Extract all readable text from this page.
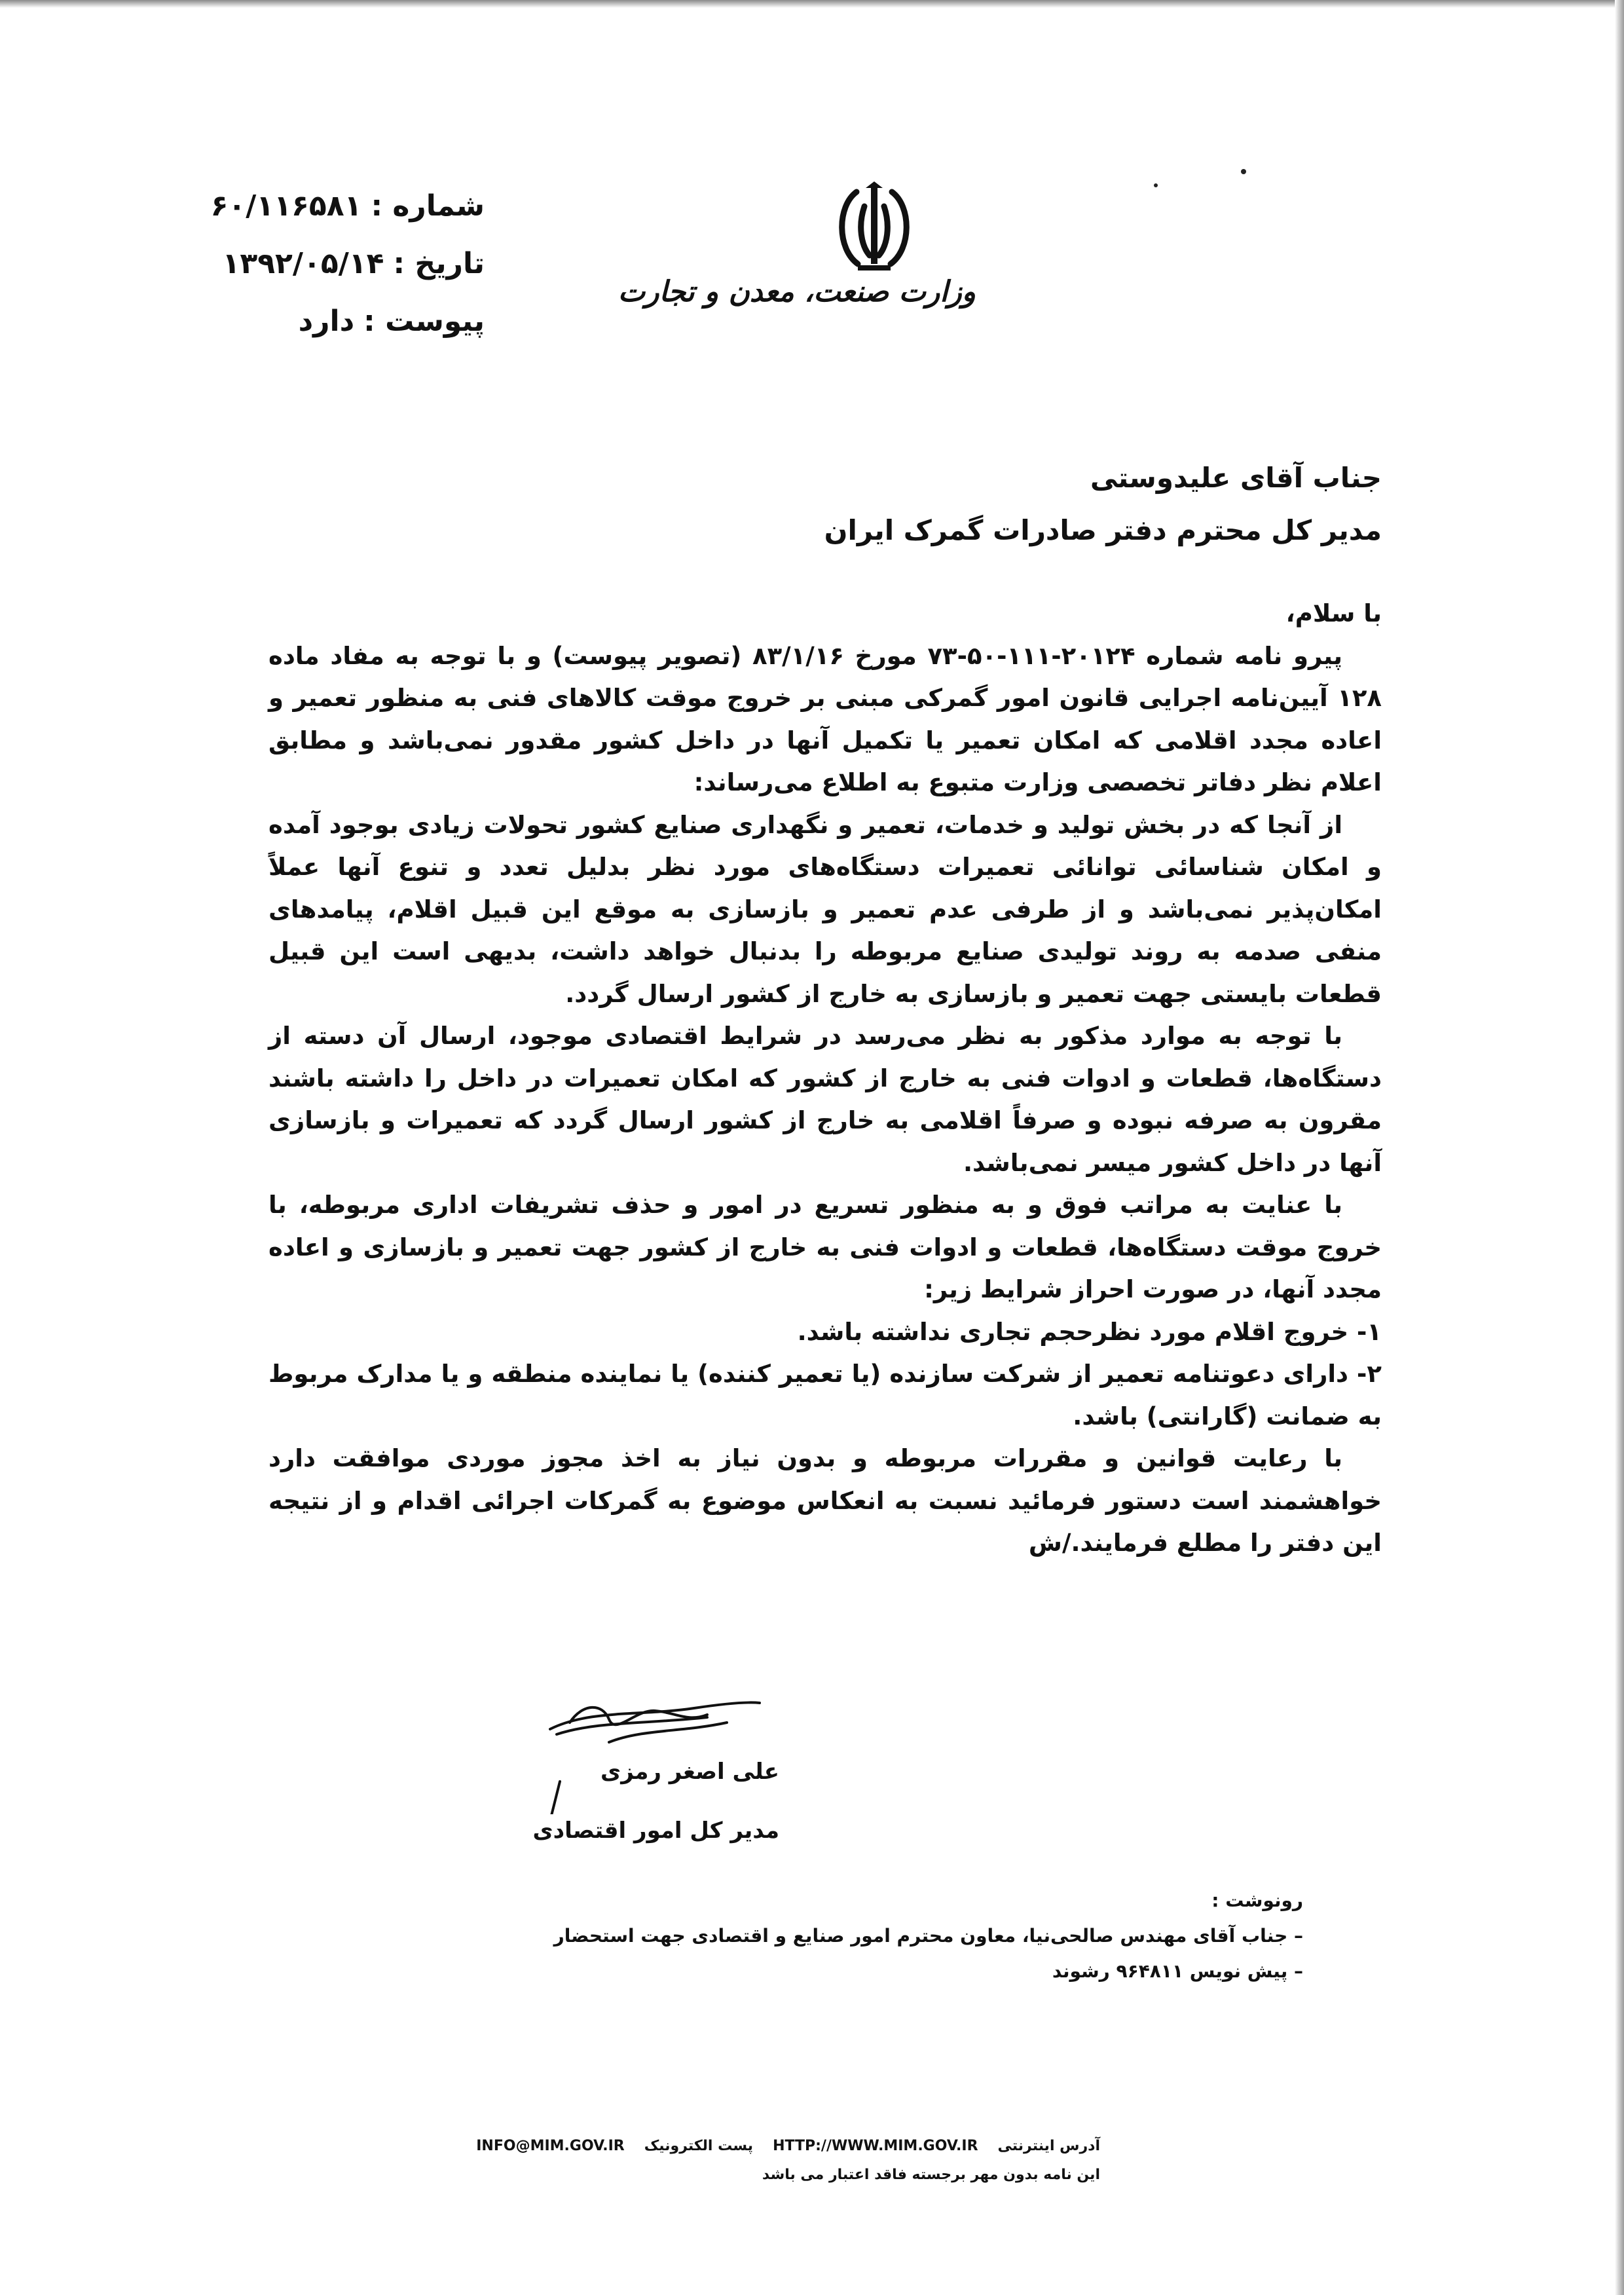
شماره :
۶۰/۱۱۶۵۸۱
تاریخ :
۱۳۹۲/۰۵/۱۴
پیوست :
دارد
وزارت صنعت، معدن و تجارت
جناب آقای علیدوستی
مدیر کل محترم دفتر صادرات گمرک ایران

با سلام،

پیرو نامه شماره ۲۰۱۲۴-۱۱۱-۵۰-۷۳ مورخ ۸۳/۱/۱۶ (تصویر پیوست) و با توجه به مفاد ماده ۱۲۸ آیین‌نامه اجرایی قانون امور گمرکی مبنی بر خروج موقت کالاهای فنی به منظور تعمیر و اعاده مجدد اقلامی که امکان تعمیر یا تکمیل آنها در داخل کشور مقدور نمی‌باشد و مطابق اعلام نظر دفاتر تخصصی وزارت متبوع به اطلاع می‌رساند:

از آنجا که در بخش تولید و خدمات، تعمیر و نگهداری صنایع کشور تحولات زیادی بوجود آمده و امکان شناسائی توانائی تعمیرات دستگاه‌های مورد نظر بدلیل تعدد و تنوع آنها عملاً امکان‌پذیر نمی‌باشد و از طرفی عدم تعمیر و بازسازی به موقع این قبیل اقلام، پیامدهای منفی صدمه به روند تولیدی صنایع مربوطه را بدنبال خواهد داشت، بدیهی است این قبیل قطعات بایستی جهت تعمیر و بازسازی به خارج از کشور ارسال گردد.

با توجه به موارد مذکور به نظر می‌رسد در شرایط اقتصادی موجود، ارسال آن دسته از دستگاه‌ها، قطعات و ادوات فنی به خارج از کشور که امکان تعمیرات در داخل را داشته باشند مقرون به صرفه نبوده و صرفاً اقلامی به خارج از کشور ارسال گردد که تعمیرات و بازسازی آنها در داخل کشور میسر نمی‌باشد.

با عنایت به مراتب فوق و به منظور تسریع در امور و حذف تشریفات اداری مربوطه، با خروج موقت دستگاه‌ها، قطعات و ادوات فنی به خارج از کشور جهت تعمیر و بازسازی و اعاده مجدد آنها، در صورت احراز شرایط زیر:

۱- خروج اقلام مورد نظرحجم تجاری نداشته باشد.

۲- دارای دعوتنامه تعمیر از شرکت سازنده (یا تعمیر کننده) یا نماینده منطقه و یا مدارک مربوط به ضمانت (گارانتی) باشد.

با رعایت قوانین و مقررات مربوطه و بدون نیاز به اخذ مجوز موردی موافقت دارد خواهشمند است دستور فرمائید نسبت به انعکاس موضوع به گمرکات اجرائی اقدام و از نتیجه این دفتر را مطلع فرمایند./ش

علی اصغر رمزی
مدیر کل امور اقتصادی
رونوشت :
– جناب آقای مهندس صالحی‌نیا، معاون محترم امور صنایع و اقتصادی جهت استحضار
– پیش نویس ۹۶۴۸۱۱ رشوند
آدرس اینترنتی
HTTP://WWW.MIM.GOV.IR
پست الکترونیک
INFO@MIM.GOV.IR
این نامه بدون مهر برجسته فاقد اعتبار می باشد
